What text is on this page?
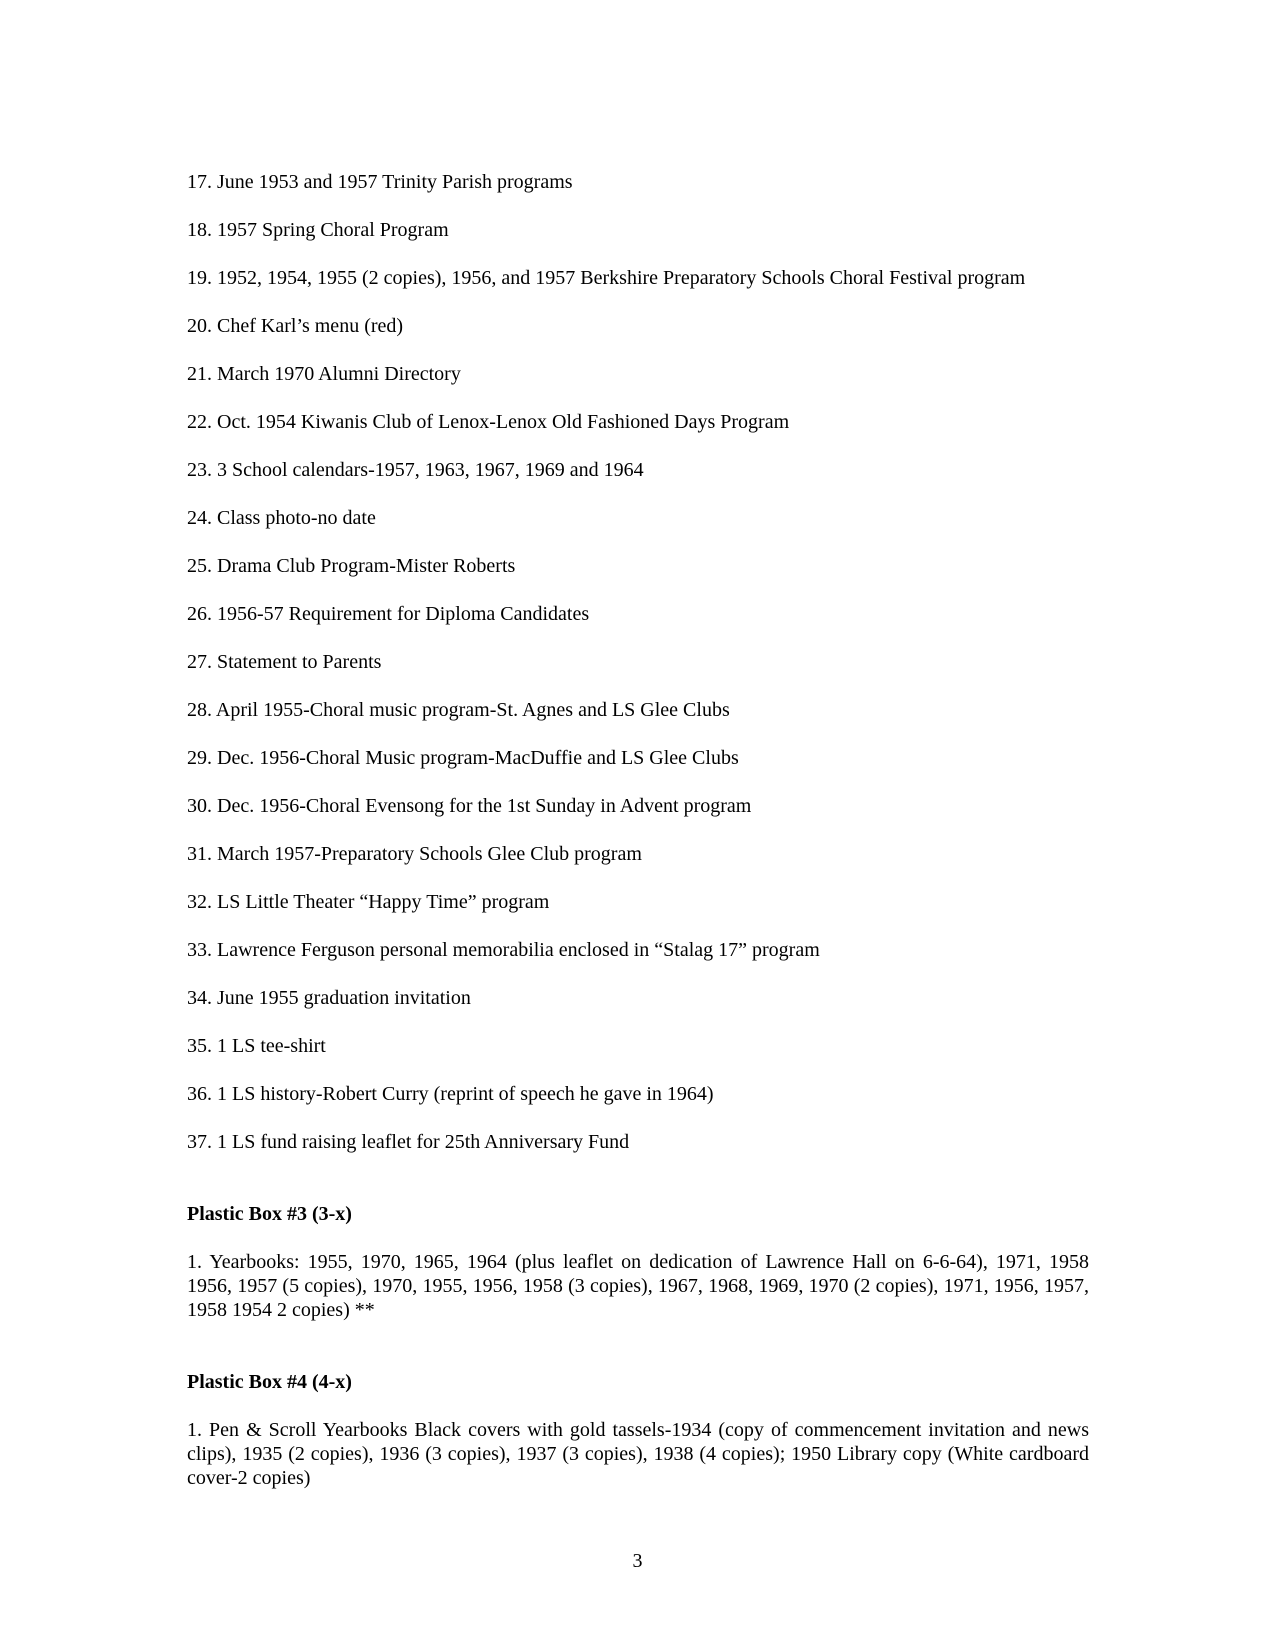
17. June 1953 and 1957 Trinity Parish programs
18. 1957 Spring Choral Program
19. 1952, 1954, 1955 (2 copies), 1956, and 1957 Berkshire Preparatory Schools Choral Festival program
20. Chef Karl’s menu (red)
21. March 1970 Alumni Directory
22. Oct. 1954 Kiwanis Club of Lenox-Lenox Old Fashioned Days Program
23. 3 School calendars-1957, 1963, 1967, 1969 and 1964
24. Class photo-no date
25. Drama Club Program-Mister Roberts
26. 1956-57 Requirement for Diploma Candidates
27. Statement to Parents
28. April 1955-Choral music program-St. Agnes and LS Glee Clubs
29. Dec. 1956-Choral Music program-MacDuffie and LS Glee Clubs
30. Dec. 1956-Choral Evensong for the 1st Sunday in Advent program
31. March 1957-Preparatory Schools Glee Club program
32. LS Little Theater “Happy Time” program
33. Lawrence Ferguson personal memorabilia enclosed in “Stalag 17” program
34. June 1955 graduation invitation
35. 1 LS tee-shirt
36. 1 LS history-Robert Curry (reprint of speech he gave in 1964)
37. 1 LS fund raising leaflet for 25th Anniversary Fund

Plastic Box #3 (3-x)

1. Yearbooks: 1955, 1970, 1965, 1964 (plus leaflet on dedication of Lawrence Hall on 6-6-64), 1971, 1958 1956, 1957 (5 copies), 1970, 1955, 1956, 1958 (3 copies), 1967, 1968, 1969, 1970 (2 copies), 1971, 1956, 1957, 1958 1954 2 copies) **

Plastic Box #4 (4-x)

1. Pen & Scroll Yearbooks Black covers with gold tassels-1934 (copy of commencement invitation and news clips), 1935 (2 copies), 1936 (3 copies), 1937 (3 copies), 1938 (4 copies); 1950 Library copy (White cardboard cover-2 copies)

3
